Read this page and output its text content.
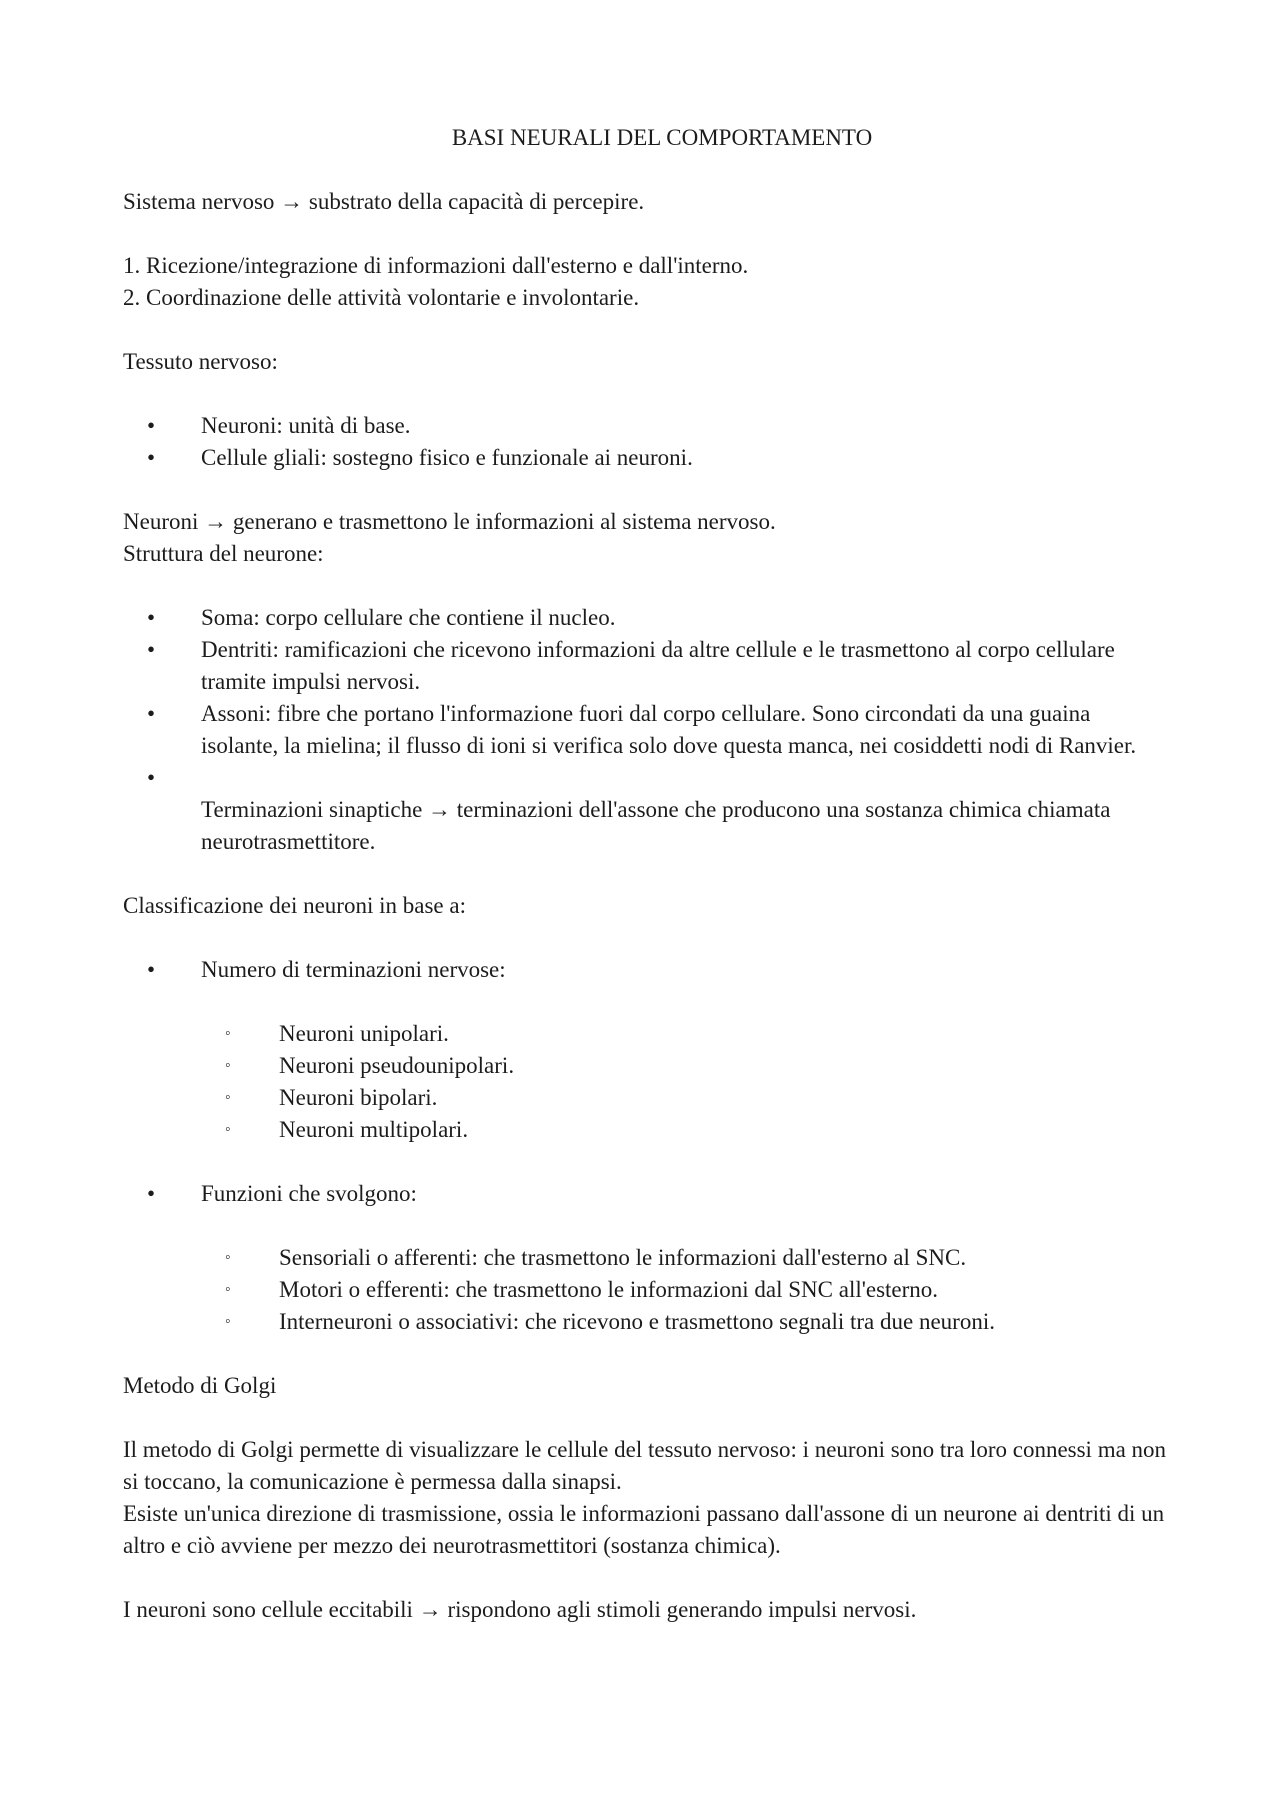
BASI NEURALI DEL COMPORTAMENTO

Sistema nervoso → substrato della capacità di percepire.

1. Ricezione/integrazione di informazioni dall'esterno e dall'interno.

2. Coordinazione delle attività volontarie e involontarie.

Tessuto nervoso:

•	Neuroni: unità di base.
•	Cellule gliali: sostegno fisico e funzionale ai neuroni.

Neuroni → generano e trasmettono le informazioni al sistema nervoso.

Struttura del neurone:

•	Soma: corpo cellulare che contiene il nucleo.
•	Dentriti: ramificazioni che ricevono informazioni da altre cellule e le trasmettono al corpo cellulare tramite impulsi nervosi.
•	Assoni: fibre che portano l'informazione fuori dal corpo cellulare. Sono circondati da una guaina isolante, la mielina; il flusso di ioni si verifica solo dove questa manca, nei cosiddetti nodi di Ranvier.
•
Terminazioni sinaptiche → terminazioni dell'assone che producono una sostanza chimica chiamata neurotrasmettitore.

Classificazione dei neuroni in base a:

•	Numero di terminazioni nervose:
◦ Neuroni unipolari.
◦ Neuroni pseudounipolari.
◦ Neuroni bipolari.
◦ Neuroni multipolari.
•	Funzioni che svolgono:
◦ Sensoriali o afferenti: che trasmettono le informazioni dall'esterno al SNC.
◦ Motori o efferenti: che trasmettono le informazioni dal SNC all'esterno.
◦ Interneuroni o associativi: che ricevono e trasmettono segnali tra due neuroni.

Metodo di Golgi

Il metodo di Golgi permette di visualizzare le cellule del tessuto nervoso: i neuroni sono tra loro connessi ma non si toccano, la comunicazione è permessa dalla sinapsi.

Esiste un'unica direzione di trasmissione, ossia le informazioni passano dall'assone di un neurone ai dentriti di un altro e ciò avviene per mezzo dei neurotrasmettitori (sostanza chimica).

I neuroni sono cellule eccitabili → rispondono agli stimoli generando impulsi nervosi.
